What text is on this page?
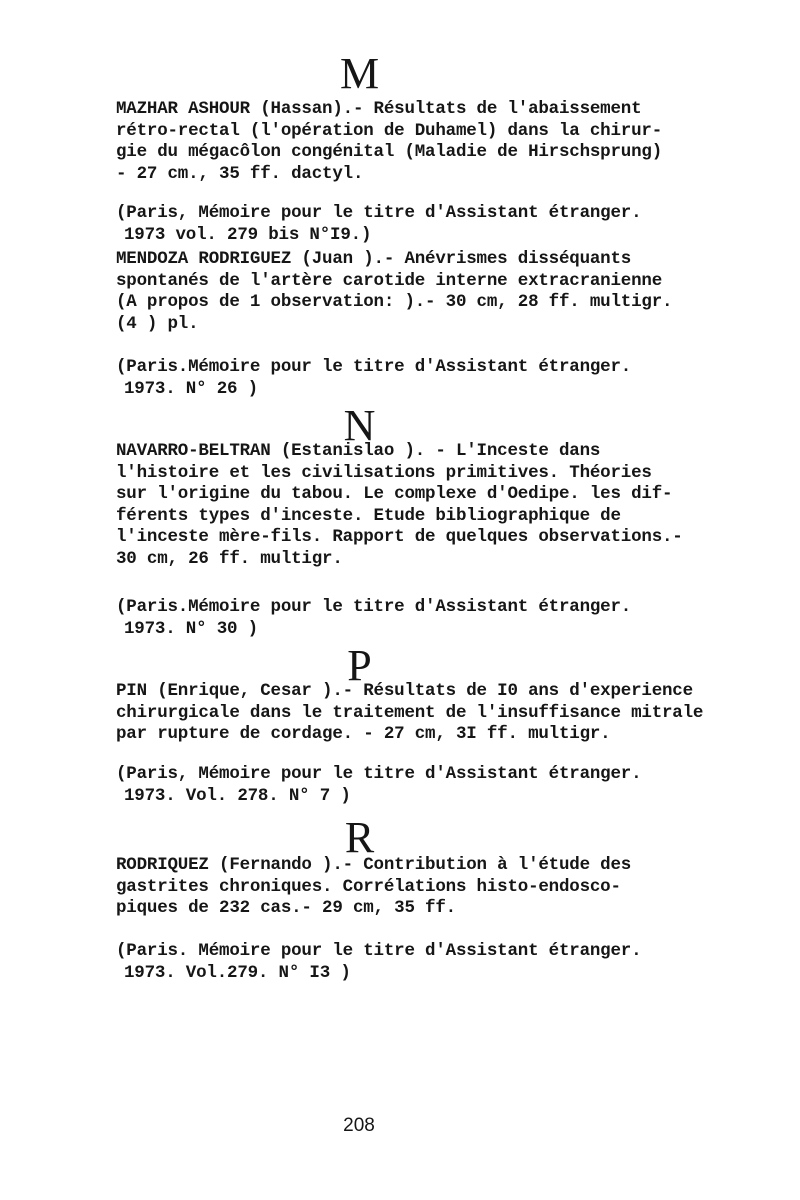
M
MAZHAR ASHOUR (Hassan).- Résultats de l'abaissement
rétro-rectal (l'opération de Duhamel) dans la chirur-
gie du mégacôlon congénital (Maladie de Hirschsprung)
- 27 cm., 35 ff. dactyl.
(Paris, Mémoire pour le titre d'Assistant étranger.
1973 vol. 279 bis N°I9.)
MENDOZA RODRIGUEZ (Juan ).- Anévrismes disséquants
spontanés de l'artère carotide interne extracranienne
(A propos de 1 observation: ).- 30 cm, 28 ff. multigr.
(4 ) pl.
(Paris.Mémoire pour le titre d'Assistant étranger.
1973. N° 26 )
N
NAVARRO-BELTRAN (Estanislao ). - L'Inceste dans
l'histoire et les civilisations primitives. Théories
sur l'origine du tabou. Le complexe d'Oedipe. les dif-
férents types d'inceste. Etude bibliographique de
l'inceste mère-fils. Rapport de quelques observations.-
30 cm, 26 ff. multigr.
(Paris.Mémoire pour le titre d'Assistant étranger.
1973. N° 30 )
P
PIN (Enrique, Cesar ).- Résultats de I0 ans d'experience
chirurgicale dans le traitement de l'insuffisance mitrale
par rupture de cordage. - 27 cm, 3I ff. multigr.
(Paris, Mémoire pour le titre d'Assistant étranger.
1973. Vol. 278. N° 7 )
R
RODRIQUEZ (Fernando ).- Contribution à l'étude des
gastrites chroniques. Corrélations histo-endosco-
piques de 232 cas.- 29 cm, 35 ff.
(Paris. Mémoire pour le titre d'Assistant étranger.
1973. Vol.279. N° I3 )
208
